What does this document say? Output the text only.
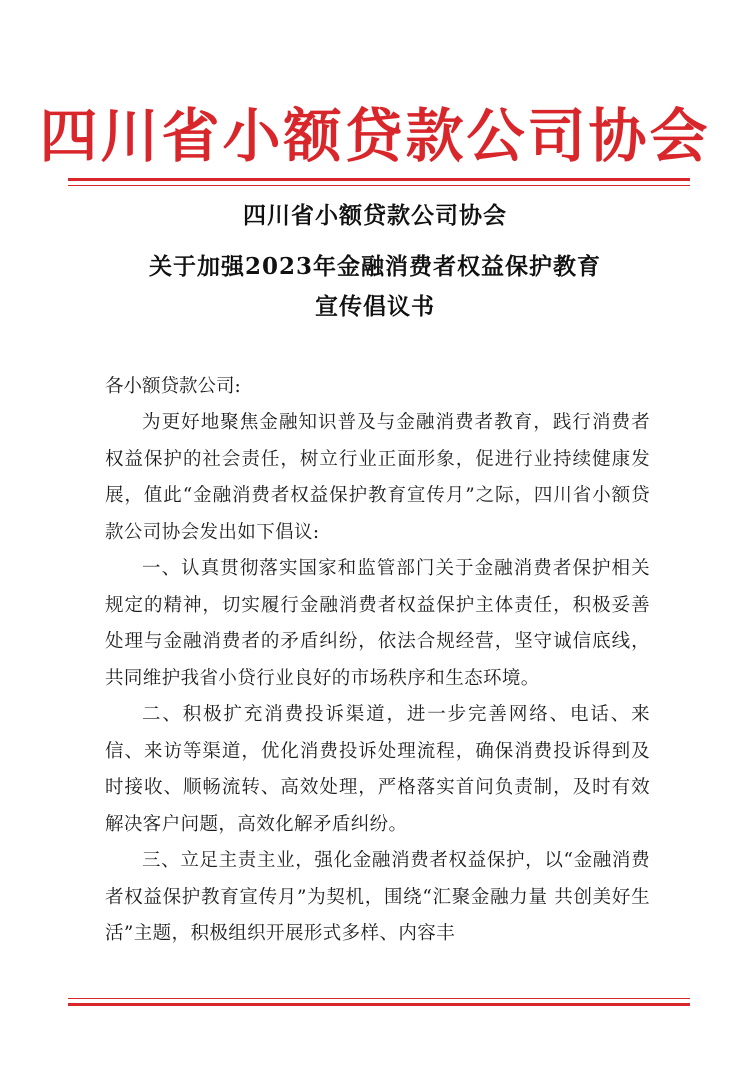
四川省小额贷款公司协会
四川省小额贷款公司协会
关于加强2023年金融消费者权益保护教育
宣传倡议书
各小额贷款公司:

为更好地聚焦金融知识普及与金融消费者教育，践行消费者权益保护的社会责任，树立行业正面形象，促进行业持续健康发展，值此“金融消费者权益保护教育宣传月”之际，四川省小额贷款公司协会发出如下倡议:

一、认真贯彻落实国家和监管部门关于金融消费者保护相关规定的精神，切实履行金融消费者权益保护主体责任，积极妥善处理与金融消费者的矛盾纠纷，依法合规经营，坚守诚信底线，共同维护我省小贷行业良好的市场秩序和生态环境。

二、积极扩充消费投诉渠道，进一步完善网络、电话、来信、来访等渠道，优化消费投诉处理流程，确保消费投诉得到及时接收、顺畅流转、高效处理，严格落实首问负责制，及时有效解决客户问题，高效化解矛盾纠纷。

三、立足主责主业，强化金融消费者权益保护，以“金融消费者权益保护教育宣传月”为契机，围绕“汇聚金融力量 共创美好生活”主题，积极组织开展形式多样、内容丰
